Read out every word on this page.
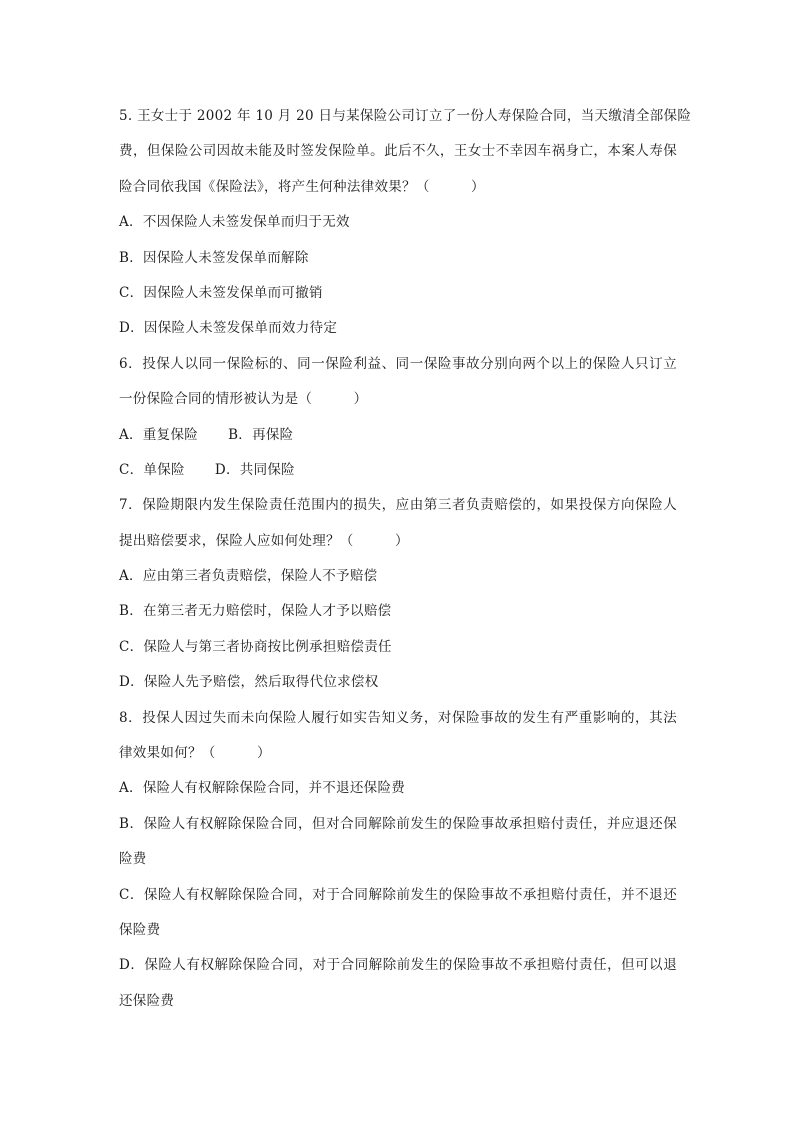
5. 王女士于 2002 年 10 月 20 日与某保险公司订立了一份人寿保险合同，当天缴清全部保险
费，但保险公司因故未能及时签发保险单。此后不久，王女士不幸因车祸身亡，本案人寿保
险合同依我国《保险法》，将产生何种法律效果？（　　　）
A．不因保险人未签发保单而归于无效
B．因保险人未签发保单而解除
C．因保险人未签发保单而可撤销
D．因保险人未签发保单而效力待定
6．投保人以同一保险标的、同一保险利益、同一保险事故分别向两个以上的保险人只订立
一份保险合同的情形被认为是（　　　）
A．重复保险 B．再保险
C．单保险 D．共同保险
7．保险期限内发生保险责任范围内的损失，应由第三者负责赔偿的，如果投保方向保险人
提出赔偿要求，保险人应如何处理？（　　　）
A．应由第三者负责赔偿，保险人不予赔偿
B．在第三者无力赔偿时，保险人才予以赔偿
C．保险人与第三者协商按比例承担赔偿责任
D．保险人先予赔偿，然后取得代位求偿权
8．投保人因过失而未向保险人履行如实告知义务，对保险事故的发生有严重影响的，其法
律效果如何？（　　　）
A．保险人有权解除保险合同，并不退还保险费
B．保险人有权解除保险合同，但对合同解除前发生的保险事故承担赔付责任，并应退还保
险费
C．保险人有权解除保险合同，对于合同解除前发生的保险事故不承担赔付责任，并不退还
保险费
D．保险人有权解除保险合同，对于合同解除前发生的保险事故不承担赔付责任，但可以退
还保险费
